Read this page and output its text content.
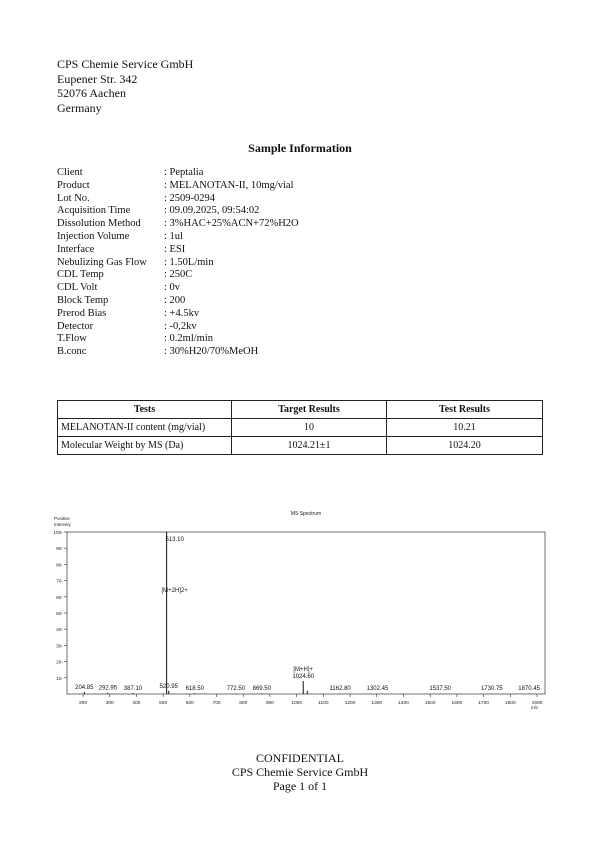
CPS Chemie Service GmbH
Eupener Str. 342
52076 Aachen
Germany
Sample Information
Client	: Peptalia
Product	: MELANOTAN-II, 10mg/vial
Lot No.	: 2509-0294
Acquisition Time	: 09.09.2025, 09:54:02
Dissolution Method	: 3%HAC+25%ACN+72%H2O
Injection Volume	: 1ul
Interface	: ESI
Nebulizing Gas Flow	: 1.50L/min
CDL Temp	: 250C
CDL Volt	: 0v
Block Temp	: 200
Prerod Bias	: +4.5kv
Detector	: -0,2kv
T.Flow	: 0.2ml/min
B.conc	: 30%H20/70%MeOH
Tests	Target Results	Test Results
MELANOTAN-II content (mg/vial)	10	10.21
Molecular Weight by MS (Da)	1024.21±1	1024.20
MS Spectrum
Positive
Intensity
m/z
10-
20-
30-
40-
50-
60-
70-
80-
90-
100-
200	300	400	500	600	700	800	900	1000	1100	1200	1300	1400	1500	1600	1700	1800	1900
204.85 292.95 387.10
513.10
[M+2H]2+
520.95 618.50	772.50 869.50
1024.60
[M+H]+
1162.80	1302.45	1537.50	1730.75	1870.45
CONFIDENTIAL
CPS Chemie Service GmbH
Page 1 of 1
